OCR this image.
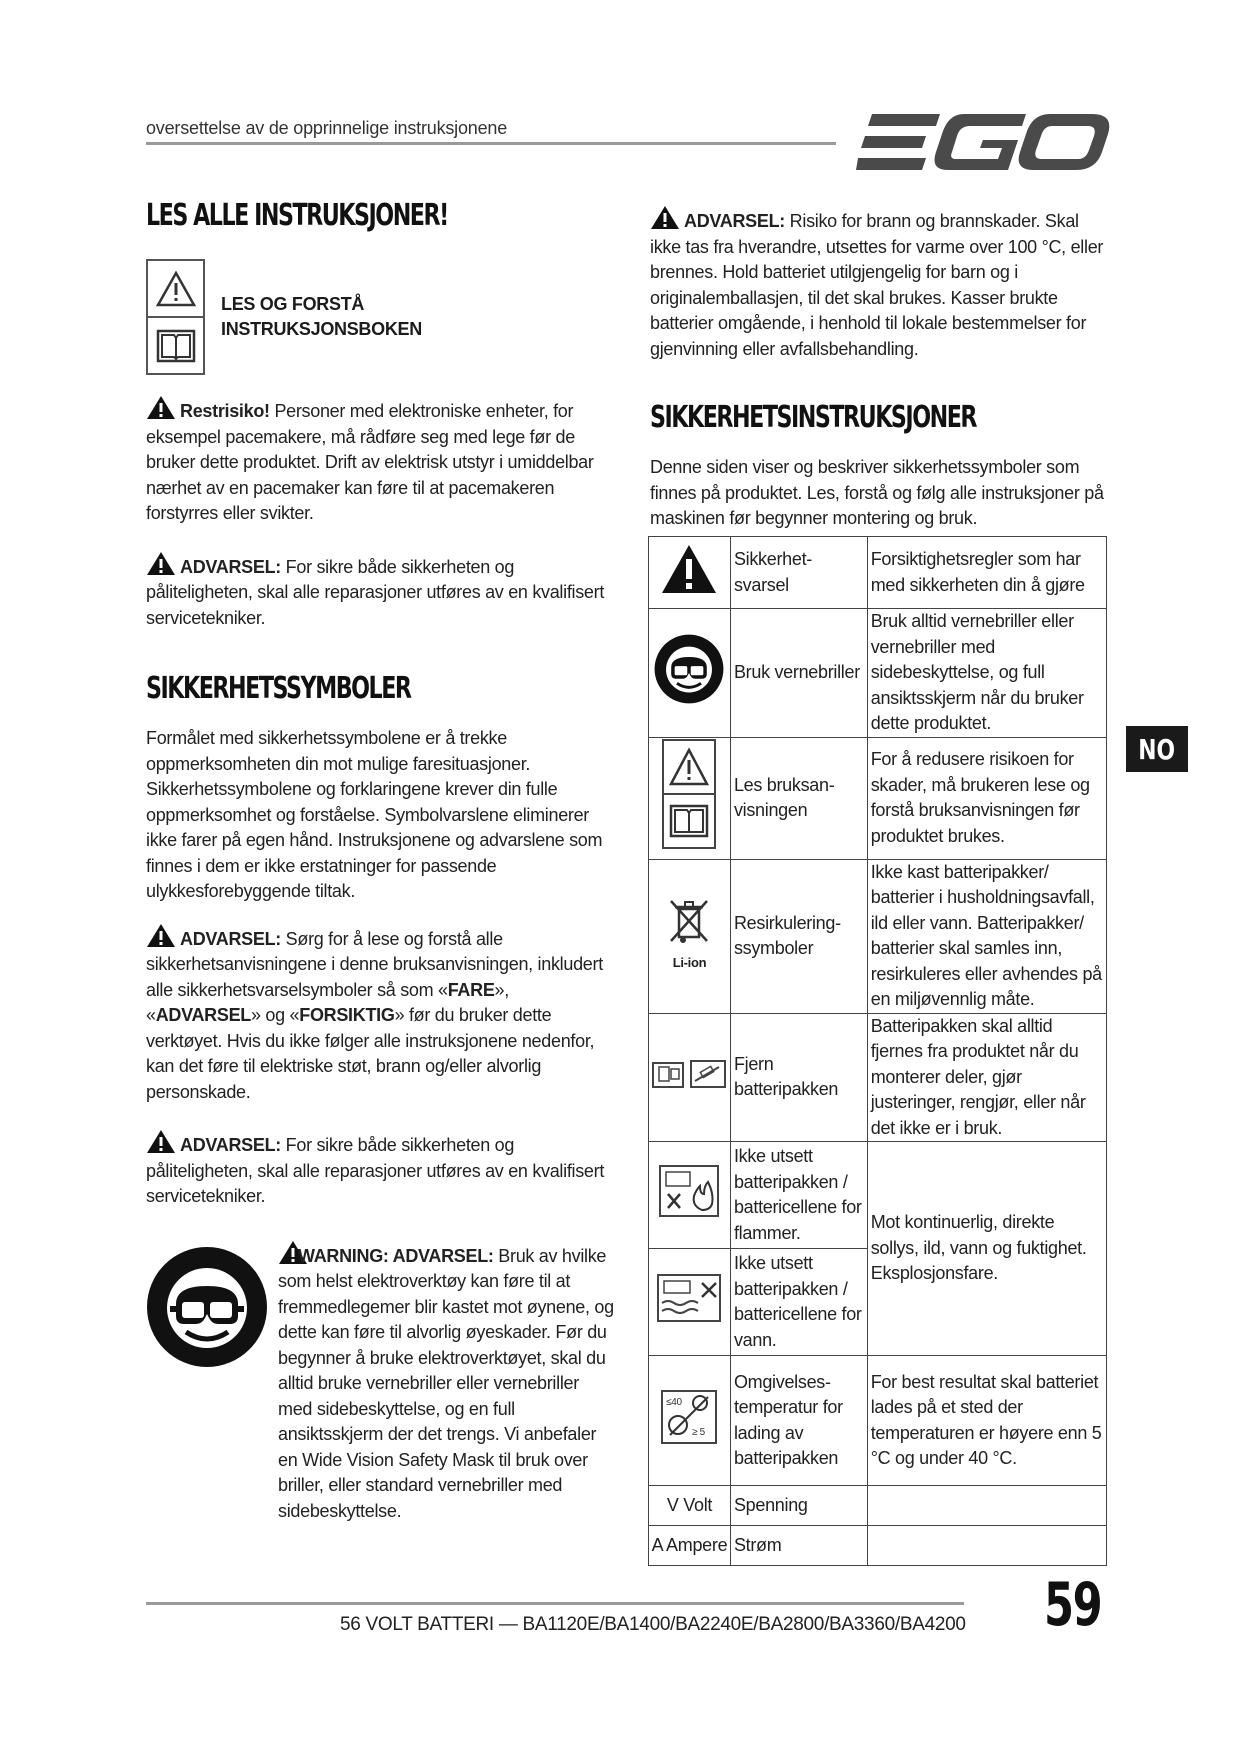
oversettelse av de opprinnelige instruksjonene
LES ALLE INSTRUKSJONER!
LES OG FORSTÅ
INSTRUKSJONSBOKEN

Restrisiko! Personer med elektroniske enheter, for eksempel pacemakere, må rådføre seg med lege før de bruker dette produktet. Drift av elektrisk utstyr i umiddelbar nærhet av en pacemaker kan føre til at pacemakeren forstyrres eller svikter.

ADVARSEL: For sikre både sikkerheten og påliteligheten, skal alle reparasjoner utføres av en kvalifisert servicetekniker.

SIKKERHETSSYMBOLER

Formålet med sikkerhetssymbolene er å trekke oppmerksomheten din mot mulige faresituasjoner. Sikkerhetssymbolene og forklaringene krever din fulle oppmerksomhet og forståelse. Symbolvarslene eliminerer ikke farer på egen hånd. Instruksjonene og advarslene som finnes i dem er ikke erstatninger for passende ulykkesforebyggende tiltak.

ADVARSEL: Sørg for å lese og forstå alle sikkerhetsanvisningene i denne bruksanvisningen, inkludert alle sikkerhetsvarselsymboler så som «FARE», «ADVARSEL» og «FORSIKTIG» før du bruker dette verktøyet. Hvis du ikke følger alle instruksjonene nedenfor, kan det føre til elektriske støt, brann og/eller alvorlig personskade.

ADVARSEL: For sikre både sikkerheten og påliteligheten, skal alle reparasjoner utføres av en kvalifisert servicetekniker.

WARNING: ADVARSEL: Bruk av hvilke som helst elektroverktøy kan føre til at fremmedlegemer blir kastet mot øynene, og dette kan føre til alvorlig øyeskader. Før du begynner å bruke elektroverktøyet, skal du alltid bruke vernebriller eller vernebriller med sidebeskyttelse, og en full ansiktsskjerm der det trengs. Vi anbefaler en Wide Vision Safety Mask til bruk over briller, eller standard vernebriller med sidebeskyttelse.

ADVARSEL: Risiko for brann og brannskader. Skal ikke tas fra hverandre, utsettes for varme over 100 °C, eller brennes. Hold batteriet utilgjengelig for barn og i originalemballasjen, til det skal brukes. Kasser brukte batterier omgående, i henhold til lokale bestemmelser for gjenvinning eller avfallsbehandling.

SIKKERHETSINSTRUKSJONER

Denne siden viser og beskriver sikkerhetssymboler som finnes på produktet. Les, forstå og følg alle instruksjoner på maskinen før begynner montering og bruk.

	Sikkerhet-svarsel	Forsiktighetsregler som har med sikkerheten din å gjøre
	Bruk vernebriller	Bruk alltid vernebriller eller vernebriller med sidebeskyttelse, og full ansiktsskjerm når du bruker dette produktet.
	Les bruksan-visningen	For å redusere risikoen for skader, må brukeren lese og forstå bruksanvisningen før produktet brukes.

Li-ion	Resirkulering-ssymboler	Ikke kast batteripakker/ batterier i husholdningsavfall, ild eller vann. Batteripakker/ batterier skal samles inn, resirkuleres eller avhendes på en miljøvennlig måte.
	Fjern batteripakken	Batteripakken skal alltid fjernes fra produktet når du monterer deler, gjør justeringer, rengjør, eller når det ikke er i bruk.
	Ikke utsett batteripakken / battericellene for flammer.	Mot kontinuerlig, direkte sollys, ild, vann og fuktighet. Eksplosjonsfare.
	Ikke utsett batteripakken / battericellene for vann.	

≤40
≥ 5	Omgivelses-temperatur for lading av batteripakken	For best resultat skal batteriet lades på et sted der temperaturen er høyere enn 5 °C og under 40 °C.
V Volt	Spenning	
A Ampere	Strøm	
NO
56 VOLT BATTERI — BA1120E/BA1400/BA2240E/BA2800/BA3360/BA4200 59
